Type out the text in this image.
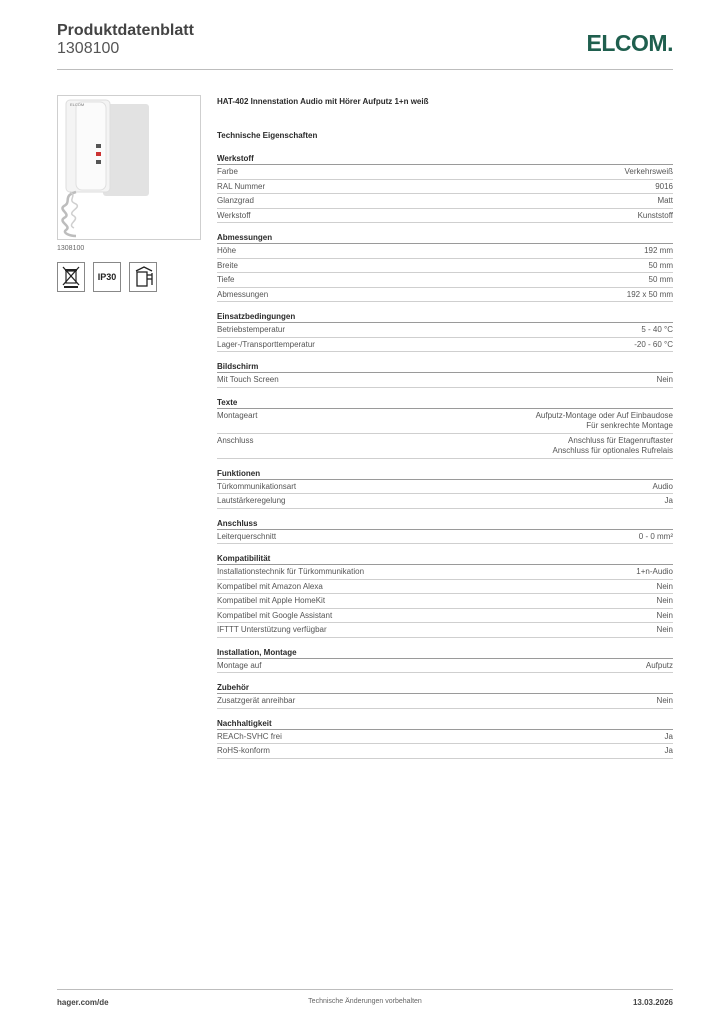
Produktdatenblatt
1308100	ELCOM.
ELCOM
1308100
IP30
HAT-402 Innenstation Audio mit Hörer Aufputz 1+n weiß
Technische Eigenschaften
Werkstoff
Farbe	Verkehrsweiß
RAL Nummer	9016
Glanzgrad	Matt
Werkstoff	Kunststoff
Abmessungen
Höhe	192 mm
Breite	50 mm
Tiefe	50 mm
Abmessungen	192 x 50 mm
Einsatzbedingungen
Betriebstemperatur	5 - 40 °C
Lager-/Transporttemperatur	-20 - 60 °C
Bildschirm
Mit Touch Screen	Nein
Texte
Montageart	Aufputz-Montage oder Auf Einbaudose
Für senkrechte Montage
Anschluss	Anschluss für Etagenruftaster
Anschluss für optionales Rufrelais
Funktionen
Türkommunikationsart	Audio
Lautstärkeregelung	Ja
Anschluss
Leiterquerschnitt	0 - 0 mm²
Kompatibilität
Installationstechnik für Türkommunikation	1+n-Audio
Kompatibel mit Amazon Alexa	Nein
Kompatibel mit Apple HomeKit	Nein
Kompatibel mit Google Assistant	Nein
IFTTT Unterstützung verfügbar	Nein
Installation, Montage
Montage auf	Aufputz
Zubehör
Zusatzgerät anreihbar	Nein
Nachhaltigkeit
REACh-SVHC frei	Ja
RoHS-konform	Ja
hager.com/de	Technische Änderungen vorbehalten	13.03.2026
